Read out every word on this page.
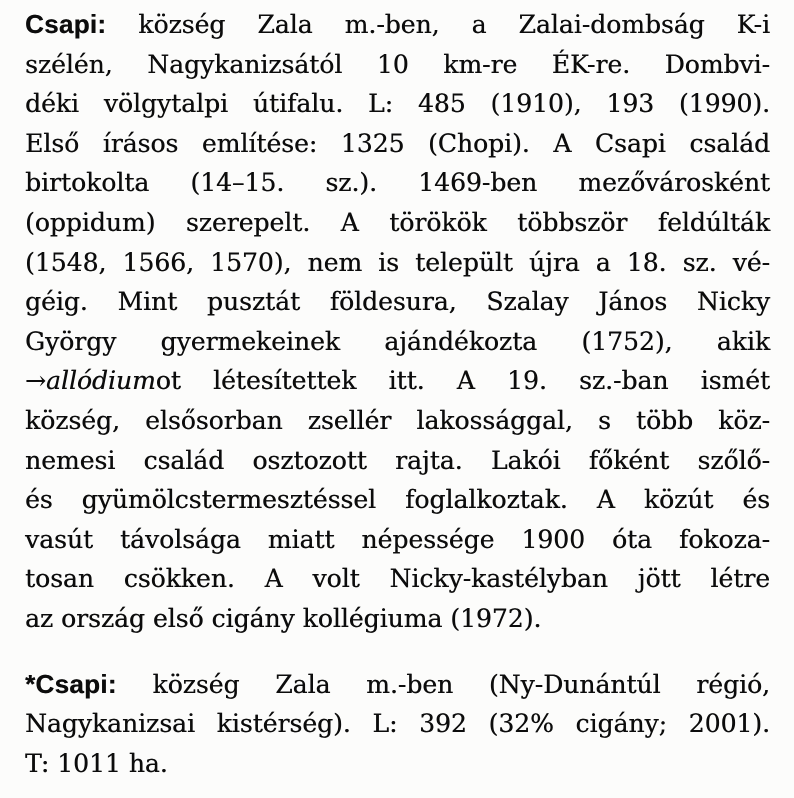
Csapi: község Zala m.-ben, a Zalai-dombság K-i
szélén, Nagykanizsától 10 km-re ÉK-re. Dombvi-
déki völgytalpi útifalu. L: 485 (1910), 193 (1990).
Első írásos említése: 1325 (Chopi). A Csapi család
birtokolta (14–15. sz.). 1469-ben mezővárosként
(oppidum) szerepelt. A törökök többször feldúlták
(1548, 1566, 1570), nem is települt újra a 18. sz. vé-
géig. Mint pusztát földesura, Szalay János Nicky
György gyermekeinek ajándékozta (1752), akik
→allódiumot létesítettek itt. A 19. sz.-ban ismét
község, elsősorban zsellér lakossággal, s több köz-
nemesi család osztozott rajta. Lakói főként szőlő-
és gyümölcstermesztéssel foglalkoztak. A közút és
vasút távolsága miatt népessége 1900 óta fokoza-
tosan csökken. A volt Nicky-kastélyban jött létre
az ország első cigány kollégiuma (1972).
*Csapi: község Zala m.-ben (Ny-Dunántúl régió,
Nagykanizsai kistérség). L: 392 (32% cigány; 2001).
T: 1011 ha.
